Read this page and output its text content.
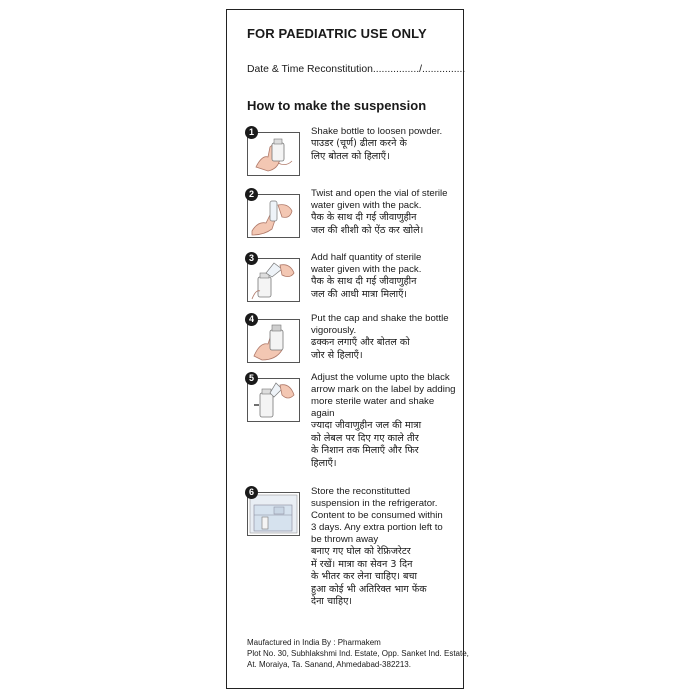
FOR PAEDIATRIC USE ONLY
Date & Time Reconstitution................/...............
How to make the suspension
1	Shake bottle to loosen powder.
पाउडर (चूर्ण) ढीला करने के
लिए बोतल को हिलाएँ।
2	Twist and open the vial of sterile
water given with the pack.
पैक के साथ दी गई जीवाणुहीन
जल की शीशी को ऐंठ कर खोले।
3	Add half quantity of sterile
water given with the pack.
पैक के साथ दी गई जीवाणुहीन
जल की आधी मात्रा मिलाएँ।
4	Put the cap and shake the bottle
vigorously.
ढक्कन लगाएँ और बोतल को
जोर से हिलाएँ।
5	Adjust the volume upto the black
arrow mark on the label by adding
more sterile water and shake
again
ज्यादा जीवाणुहीन जल की मात्रा
को लेबल पर दिए गए काले तीर
के निशान तक मिलाएँ और फिर
हिलाएँ।
6	Store the reconstitutted
suspension in the refrigerator.
Content to be consumed within
3 days. Any extra portion left to
be thrown away
बनाए गए घोल को रेफ्रिजरेटर
में रखें। मात्रा का सेवन 3 दिन
के भीतर कर लेना चाहिए। बचा
हुआ कोई भी अतिरिक्त भाग फेंक
देना चाहिए।
Maufactured in India By : Pharmakem
Plot No. 30, Subhlakshmi Ind. Estate, Opp. Sanket Ind. Estate,
At. Moraiya, Ta. Sanand, Ahmedabad-382213.
